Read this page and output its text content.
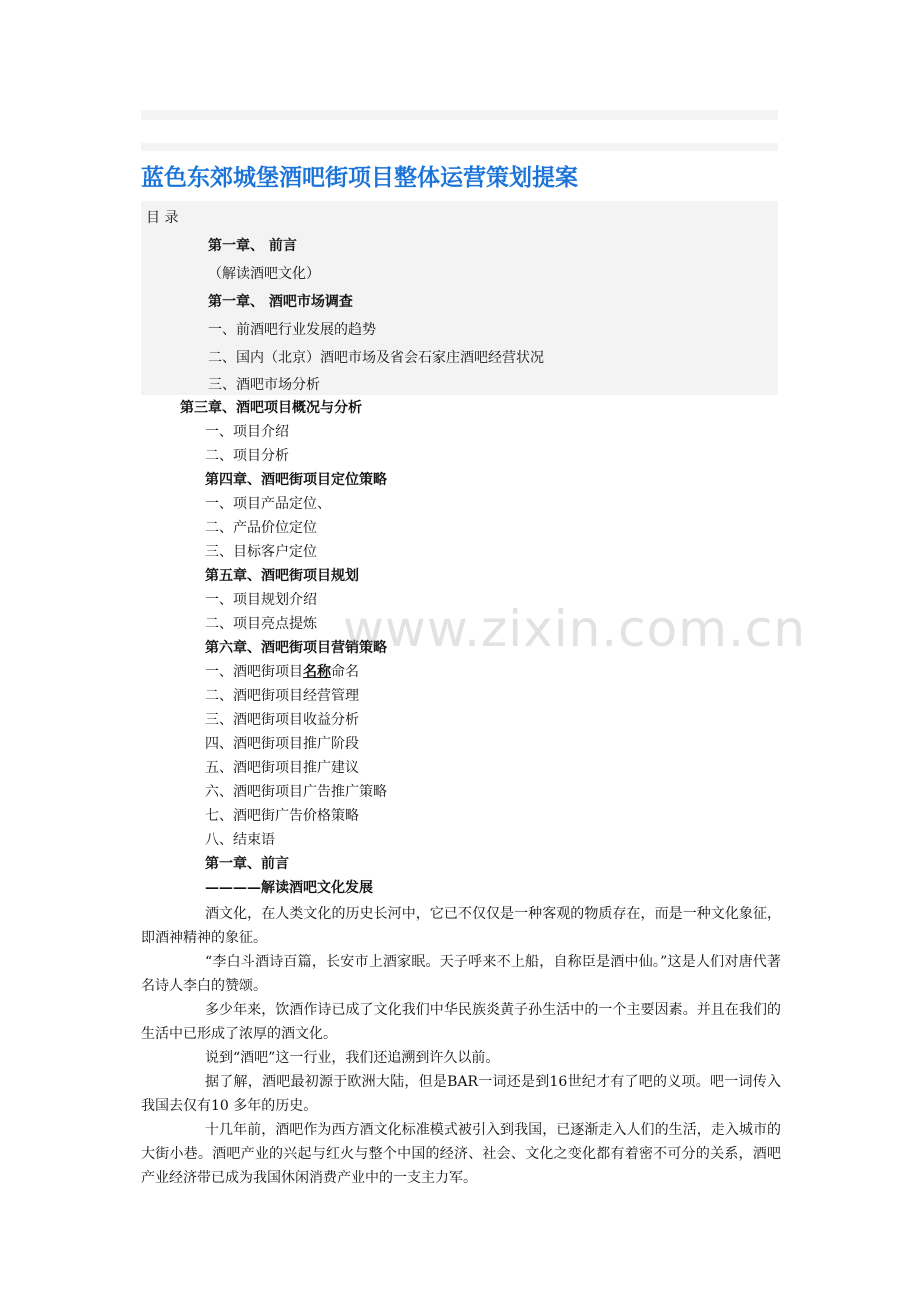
蓝色东郊城堡酒吧街项目整体运营策划提案
目 录
第一章、 前言
（解读酒吧文化）
第一章、 酒吧市场调查
一、前酒吧行业发展的趋势
二、国内（北京）酒吧市场及省会石家庄酒吧经营状况
三、酒吧市场分析
第三章、酒吧项目概况与分析
一、项目介绍
二、项目分析
第四章、酒吧街项目定位策略
一、项目产品定位、
二、产品价位定位
三、目标客户定位
第五章、酒吧街项目规划
一、项目规划介绍
二、项目亮点提炼
第六章、酒吧街项目营销策略
一、酒吧街项目名称命名
二、酒吧街项目经营管理
三、酒吧街项目收益分析
四、酒吧街项目推广阶段
五、酒吧街项目推广建议
六、酒吧街项目广告推广策略
七、酒吧街广告价格策略
八、结束语
第一章、前言
————解读酒吧文化发展

酒文化，在人类文化的历史长河中，它已不仅仅是一种客观的物质存在，而是一种文化象征，即酒神精神的象征。

“李白斗酒诗百篇，长安市上酒家眠。天子呼来不上船，自称臣是酒中仙。”这是人们对唐代著名诗人李白的赞颂。

多少年来，饮酒作诗已成了文化我们中华民族炎黄子孙生活中的一个主要因素。并且在我们的生活中已形成了浓厚的酒文化。

说到“酒吧”这一行业，我们还追溯到许久以前。

据了解，酒吧最初源于欧洲大陆，但是BAR一词还是到16世纪才有了吧的义项。吧一词传入我国去仅有10 多年的历史。

十几年前，酒吧作为西方酒文化标准模式被引入到我国，已逐渐走入人们的生活，走入城市的大街小巷。酒吧产业的兴起与红火与整个中国的经济、社会、文化之变化都有着密不可分的关系，酒吧产业经济带已成为我国休闲消费产业中的一支主力军。

www.zixin.com.cn
